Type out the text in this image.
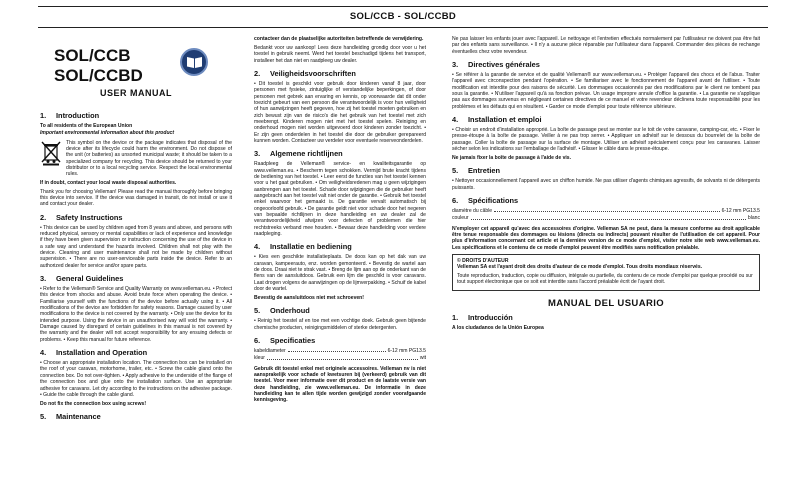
SOL/CCB - SOL/CCBD
SOL/CCB
SOL/CCBD
USER MANUAL
1. Introduction
To all residents of the European Union
Important environmental information about this product
This symbol on the device or the package indicates that disposal of the device after its lifecycle could harm the environment. Do not dispose of the unit (or batteries) as unsorted municipal waste; it should be taken to a specialized company for recycling. This device should be returned to your distributor or to a local recycling service. Respect the local environmental rules.

If in doubt, contact your local waste disposal authorities.

Thank you for choosing Velleman! Please read the manual thoroughly before bringing this device into service. If the device was damaged in transit, do not install or use it and contact your dealer.

2. Safety Instructions

• This device can be used by children aged from 8 years and above, and persons with reduced physical, sensory or mental capabilities or lack of experience and knowledge if they have been given supervision or instruction concerning the use of the device in a safe way and understand the hazards involved. Children shall not play with the device. Cleaning and user maintenance shall not be made by children without supervision. • There are no user-serviceable parts inside the device. Refer to an authorized dealer for service and/or spare parts.

3. General Guidelines

• Refer to the Velleman® Service and Quality Warranty on www.velleman.eu. • Protect this device from shocks and abuse. Avoid brute force when operating the device. • Familiarise yourself with the functions of the device before actually using it. • All modifications of the device are forbidden for safety reasons. Damage caused by user modifications to the device is not covered by the warranty. • Only use the device for its intended purpose. Using the device in an unauthorised way will void the warranty. • Damage caused by disregard of certain guidelines in this manual is not covered by the warranty and the dealer will not accept responsibility for any ensuing defects or problems. • Keep this manual for future reference.

4. Installation and Operation

• Choose an appropriate installation location. The connection box can be installed on the roof of your caravan, motorhome, trailer, etc. • Screw the cable gland onto the connection box. Do not over-tighten. • Apply adhesive to the underside of the flange of the connection box and glue onto the installation surface. Use an appropriate adhesive for caravans. Let dry according to the instructions on the adhesive package. • Guide the cable through the cable gland.

Do not fix the connection box using screws!

5. Maintenance

contacteer dan de plaatselijke autoriteiten betreffende de verwijdering.

Bedankt voor uw aankoop! Lees deze handleiding grondig door voor u het toestel in gebruik neemt. Werd het toestel beschadigd tijdens het transport, installeer het dan niet en raadpleeg uw dealer.

2. Veiligheidsvoorschriften

• Dit toestel is geschikt voor gebruik door kinderen vanaf 8 jaar, door personen met fysieke, zintuiglijke of verstandelijke beperkingen, of door personen met gebrek aan ervaring en kennis, op voorwaarde dat dit onder toezicht gebeurt van een persoon die verantwoordelijk is voor hun veiligheid of hun aanwijzingen heeft gegeven, hoe zij het toestel moeten gebruiken en zich bewust zijn van de risico's die het gebruik van het toestel met zich meebrengt. Kinderen mogen niet met het toestel spelen. Reiniging en onderhoud mogen niet worden uitgevoerd door kinderen zonder toezicht. • Er zijn geen onderdelen in het toestel die door de gebruiker gerepareerd kunnen worden. Contacteer uw verdeler voor eventuele reserveonderdelen.

3. Algemene richtlijnen

Raadpleeg de Velleman® service- en kwaliteitsgarantie op www.velleman.eu. • Bescherm tegen schokken. Vermijd brute kracht tijdens de bediening van het toestel. • Leer eerst de functies van het toestel kennen voor u het gaat gebruiken. • Om veiligheidsredenen mag u geen wijzigingen aanbrengen aan het toestel. Schade door wijzigingen die de gebruiker heeft aangebracht aan het toestel valt niet onder de garantie. • Gebruik het toestel enkel waarvoor het gemaakt is. De garantie vervalt automatisch bij ongeoorloofd gebruik. • De garantie geldt niet voor schade door het negeren van bepaalde richtlijnen in deze handleiding en uw dealer zal de verantwoordelijkheid afwijzen voor defecten of problemen die hier rechtstreeks verband mee houden. • Bewaar deze handleiding voor verdere raadpleging.

4. Installatie en bediening

• Kies een geschikte installatieplaats. De doos kan op het dak van uw caravan, kampeerauto, enz. worden gemonteerd. • Bevestig de wartel aan de doos. Draai niet te strak vast. • Breng de lijm aan op de onderkant van de flens van de aansluitdoos. Gebruik een lijm die geschikt is voor caravans. Laat drogen volgens de aanwijzingen op de lijmverpakking. • Schuif de kabel door de wartel.

Bevestig de aansluitdoos niet met schroeven!

5. Onderhoud

• Reinig het toestel af en toe met een vochtige doek. Gebruik geen bijtende chemische producten, reinigingsmiddelen of sterke detergenten.

6. Specificaties
kabeldiameter	6-12 mm PG13.5
kleur	wit

Gebruik dit toestel enkel met originele accessoires. Velleman nv is niet aansprakelijk voor schade of kwetsuren bij (verkeerd) gebruik van dit toestel. Voor meer informatie over dit product en de laatste versie van deze handleiding, zie www.velleman.eu. De informatie in deze handleiding kan te allen tijde worden gewijzigd zonder voorafgaande kennisgeving.

Ne pas laisser les enfants jouer avec l'appareil. Le nettoyage et l'entretien effectués normalement par l'utilisateur ne doivent pas être fait par des enfants sans surveillance. • Il n'y a aucune pièce réparable par l'utilisateur dans l'appareil. Commander des pièces de rechange éventuelles chez votre revendeur.

3. Directives générales

• Se référer à la garantie de service et de qualité Velleman® sur www.velleman.eu. • Protéger l'appareil des chocs et de l'abus. Traiter l'appareil avec circonspection pendant l'opération. • Se familiariser avec le fonctionnement de l'appareil avant de l'utiliser. • Toute modification est interdite pour des raisons de sécurité. Les dommages occasionnés par des modifications par le client ne tombent pas sous la garantie. • N'utiliser l'appareil qu'à sa fonction prévue. Un usage impropre annule d'office la garantie. • La garantie ne s'applique pas aux dommages survenus en négligeant certaines directives de ce manuel et votre revendeur déclinera toute responsabilité pour les problèmes et les défauts qui en résultent. • Garder ce mode d'emploi pour toute référence ultérieure.

4. Installation et emploi

• Choisir un endroit d'installation approprié. La boîte de passage peut se monter sur le toit de votre caravane, camping-car, etc. • Fixer le presse-étoupe à la boîte de passage. Veiller à ne pas trop serrer. • Appliquer un adhésif sur le dessous du bourrelet de la boîte de passage. Coller la boîte de passage sur la surface de montage. Utiliser un adhésif spécialement conçu pour les caravanes. Laisser sécher selon les indications sur l'emballage de l'adhésif. • Glisser le câble dans le presse-étoupe.

Ne jamais fixer la boîte de passage à l'aide de vis.

5. Entretien

• Nettoyer occasionnellement l'appareil avec un chiffon humide. Ne pas utiliser d'agents chimiques agressifs, de solvants ni de détergents puissants.

6. Spécifications
diamètre du câble	6-12 mm PG13.5
couleur	blanc

N'employer cet appareil qu'avec des accessoires d'origine. Velleman SA ne peut, dans la mesure conforme au droit applicable être tenue responsable des dommages ou lésions (directs ou indirects) pouvant résulter de l'utilisation de cet appareil. Pour plus d'information concernant cet article et la dernière version de ce mode d'emploi, visiter notre site web www.velleman.eu. Les spécifications et le contenu de ce mode d'emploi peuvent être modifiés sans notification préalable.

© DROITS D'AUTEUR
Velleman SA est l'ayant droit des droits d'auteur de ce mode d'emploi. Tous droits mondiaux réservés.
Toute reproduction, traduction, copie ou diffusion, intégrale ou partielle, du contenu de ce mode d'emploi par quelque procédé ou sur tout support électronique que ce soit est interdite sans l'accord préalable écrit de l'ayant droit.
MANUAL DEL USUARIO
1. Introducción
A los ciudadanos de la Unión Europea
